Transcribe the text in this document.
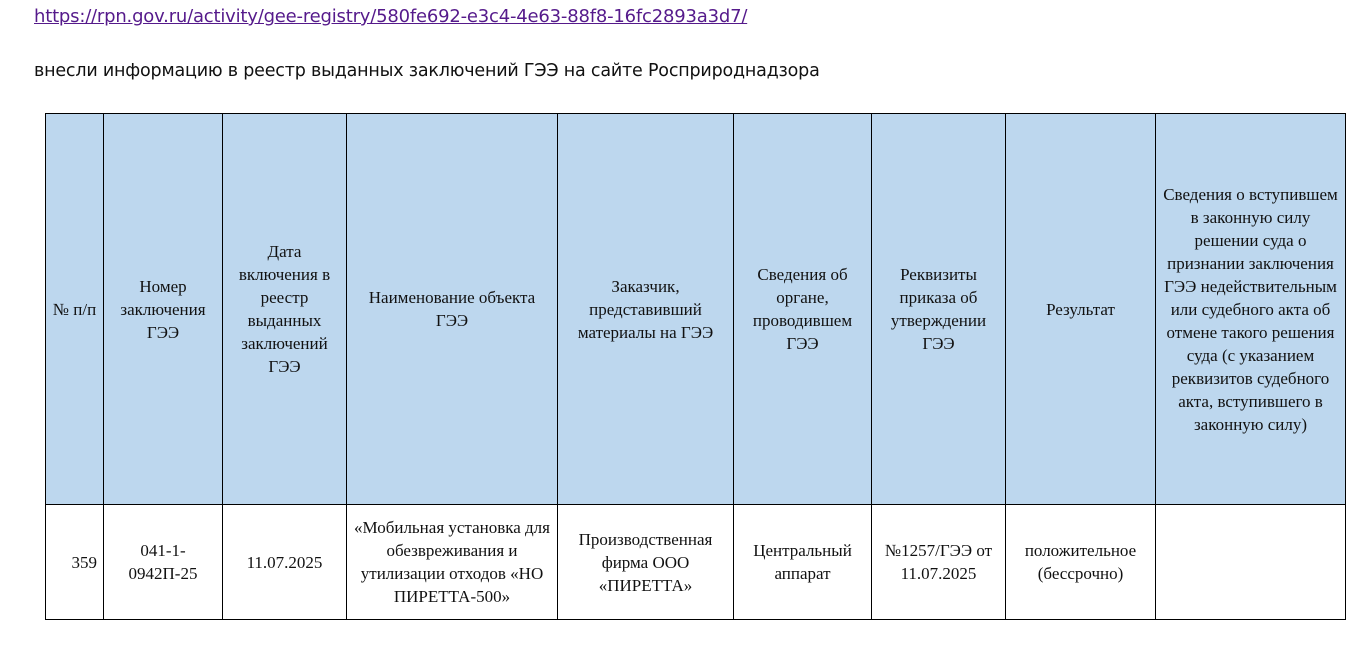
https://rpn.gov.ru/activity/gee-registry/580fe692-e3c4-4e63-88f8-16fc2893a3d7/
внесли информацию в реестр выданных заключений ГЭЭ на сайте Росприроднадзора
№ п/п	Номер заключения ГЭЭ	Дата включения в реестр выданных заключений ГЭЭ	Наименование объекта ГЭЭ	Заказчик, представивший материалы на ГЭЭ	Сведения об органе, проводившем ГЭЭ	Реквизиты приказа об утверждении ГЭЭ	Результат	Сведения о вступившем в законную силу решении суда о признании заключения ГЭЭ недействительным или судебного акта об отмене такого решения суда (с указанием реквизитов судебного акта, вступившего в законную силу)
359	041-1-0942П-25	11.07.2025	«Мобильная установка для обезвреживания и утилизации отходов «НО ПИРЕТТА-500»	Производственная фирма ООО «ПИРЕТТА»	Центральный аппарат	№1257/ГЭЭ от 11.07.2025	положительное (бессрочно)	
